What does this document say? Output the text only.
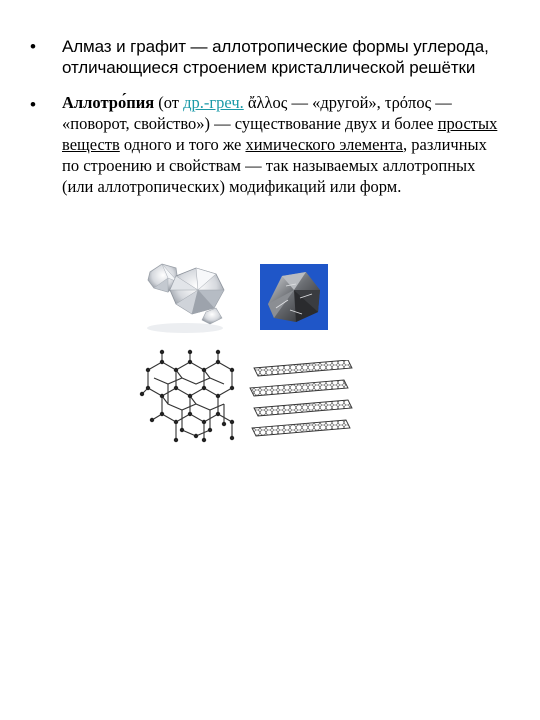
• Алмаз и графит — аллотропические формы углерода, отличающиеся строением кристаллической решётки
• Аллотро́пия (от др.-греч. ἄλλος — «другой», τρόπος — «поворот, свойство») — существование двух и более простых веществ одного и того же химического элемента, различных по строению и свойствам — так называемых аллотропных (или аллотропических) модификаций или форм.
